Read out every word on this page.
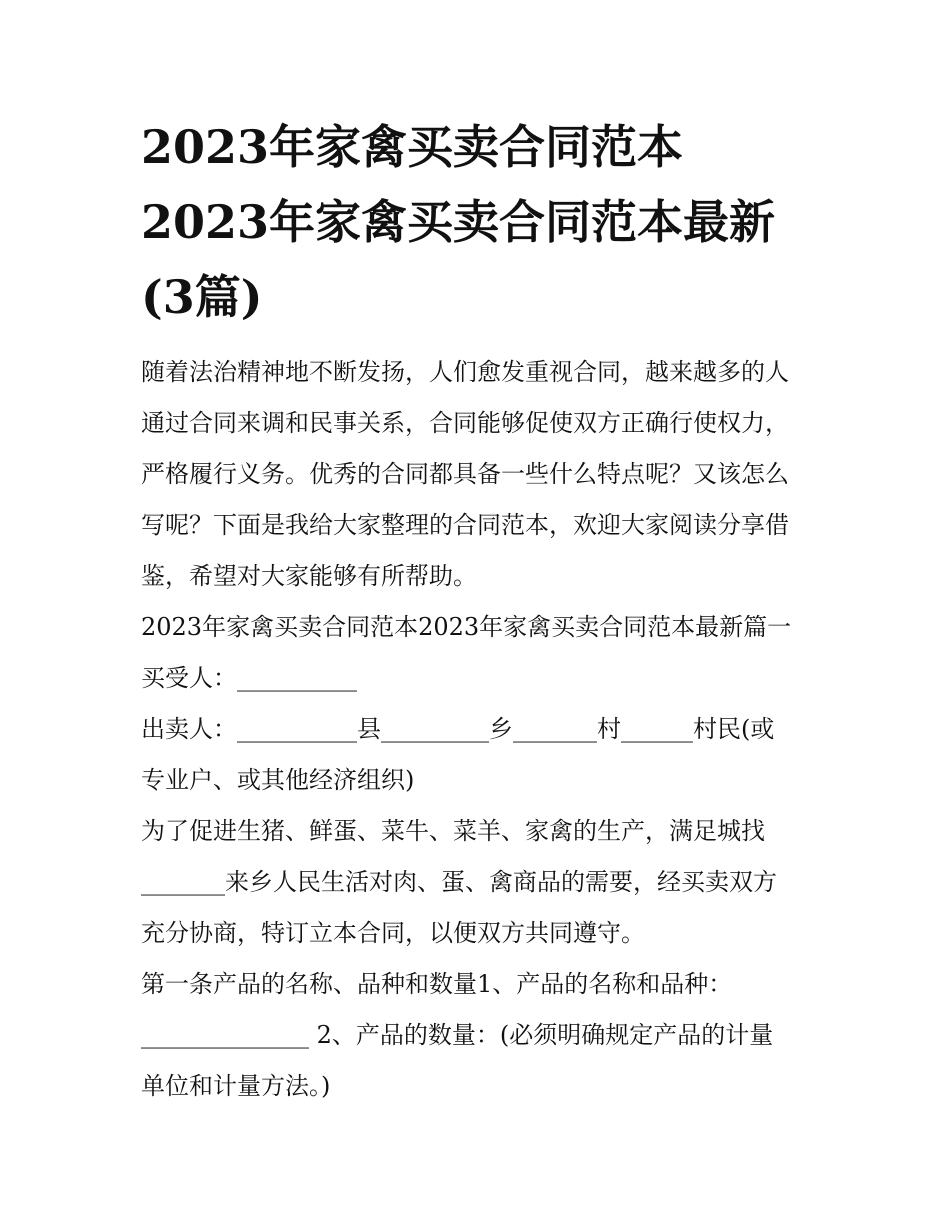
2023年家禽买卖合同范本
2023年家禽买卖合同范本最新
(3篇)

随着法治精神地不断发扬，人们愈发重视合同，越来越多的人
通过合同来调和民事关系，合同能够促使双方正确行使权力，
严格履行义务。优秀的合同都具备一些什么特点呢？又该怎么
写呢？下面是我给大家整理的合同范本，欢迎大家阅读分享借
鉴，希望对大家能够有所帮助。

2023年家禽买卖合同范本2023年家禽买卖合同范本最新篇一

买受人：__________

出卖人：__________县_________乡_______村______村民(或
专业户、或其他经济组织)

为了促进生猪、鲜蛋、菜牛、菜羊、家禽的生产，满足城找
_______来乡人民生活对肉、蛋、禽商品的需要，经买卖双方
充分协商，特订立本合同，以便双方共同遵守。

第一条产品的名称、品种和数量1、产品的名称和品种：
______________ 2、产品的数量：(必须明确规定产品的计量
单位和计量方法。)
